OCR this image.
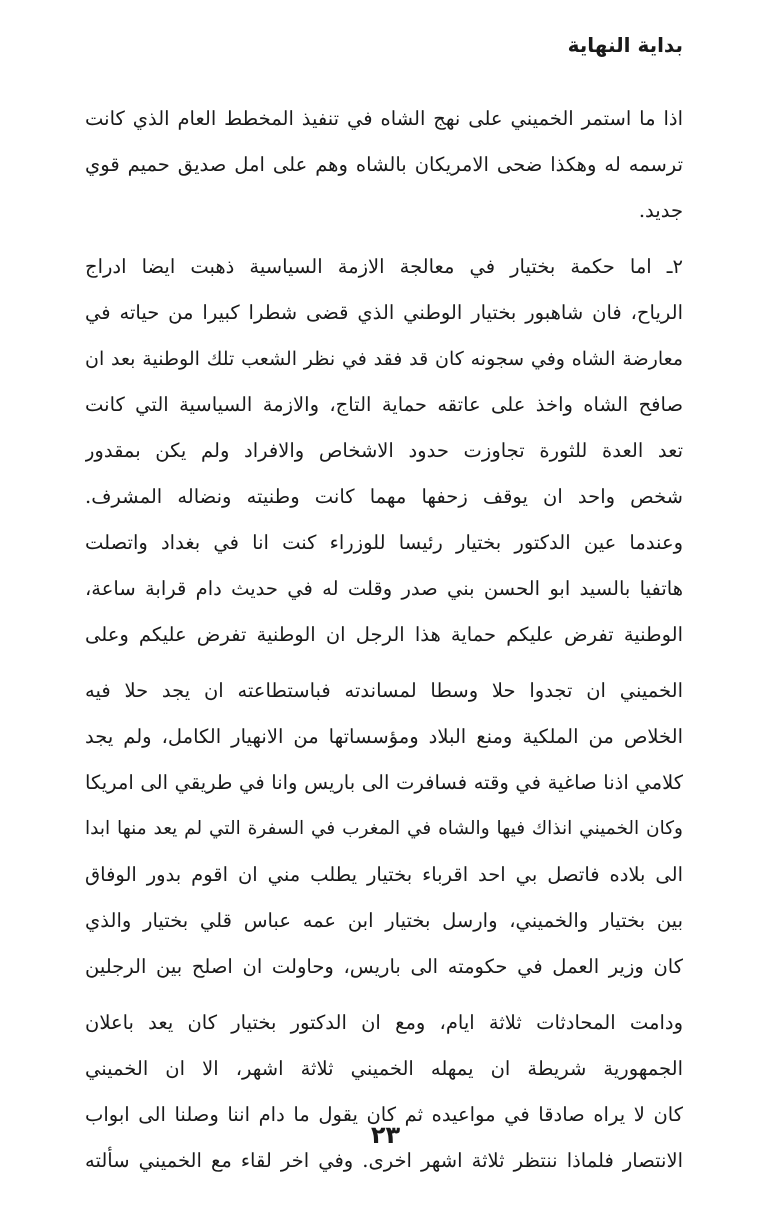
بداية النهاية
اذا ما استمر الخميني على نهج الشاه في تنفيذ المخطط العام الذي كانت
ترسمه له وهكذا ضحى الامريكان بالشاه وهم على امل صديق حميم قوي
جديد.
٢ـ اما حكمة بختيار في معالجة الازمة السياسية ذهبت ايضا ادراج
الرياح، فان شاهبور بختيار الوطني الذي قضى شطرا كبيرا من حياته في
معارضة الشاه وفي سجونه كان قد فقد في نظر الشعب تلك الوطنية بعد ان
صافح الشاه واخذ على عاتقه حماية التاج، والازمة السياسية التي كانت
تعد العدة للثورة تجاوزت حدود الاشخاص والافراد ولم يكن بمقدور
شخص واحد ان يوقف زحفها مهما كانت وطنيته ونضاله المشرف.
وعندما عين الدكتور بختيار رئيسا للوزراء كنت انا في بغداد واتصلت
هاتفيا بالسيد ابو الحسن بني صدر وقلت له في حديث دام قرابة ساعة،
الوطنية تفرض عليكم حماية هذا الرجل ان الوطنية تفرض عليكم وعلى
الخميني ان تجدوا حلا وسطا لمساندته فباستطاعته ان يجد حلا فيه
الخلاص من الملكية ومنع البلاد ومؤسساتها من الانهيار الكامل، ولم يجد
كلامي اذنا صاغية في وقته فسافرت الى باريس وانا في طريقي الى امريكا
وكان الخميني انذاك فيها والشاه في المغرب في السفرة التي لم يعد منها ابدا
الى بلاده فاتصل بي احد اقرباء بختيار يطلب مني ان اقوم بدور الوفاق
بين بختيار والخميني، وارسل بختيار ابن عمه عباس قلي بختيار والذي
كان وزير العمل في حكومته الى باريس، وحاولت ان اصلح بين الرجلين
ودامت المحادثات ثلاثة ايام، ومع ان الدكتور بختيار كان يعد باعلان
الجمهورية شريطة ان يمهله الخميني ثلاثة اشهر، الا ان الخميني
كان لا يراه صادقا في مواعيده ثم كان يقول ما دام اننا وصلنا الى ابواب
الانتصار فلماذا ننتظر ثلاثة اشهر اخرى. وفي اخر لقاء مع الخميني سألته
٢٣
